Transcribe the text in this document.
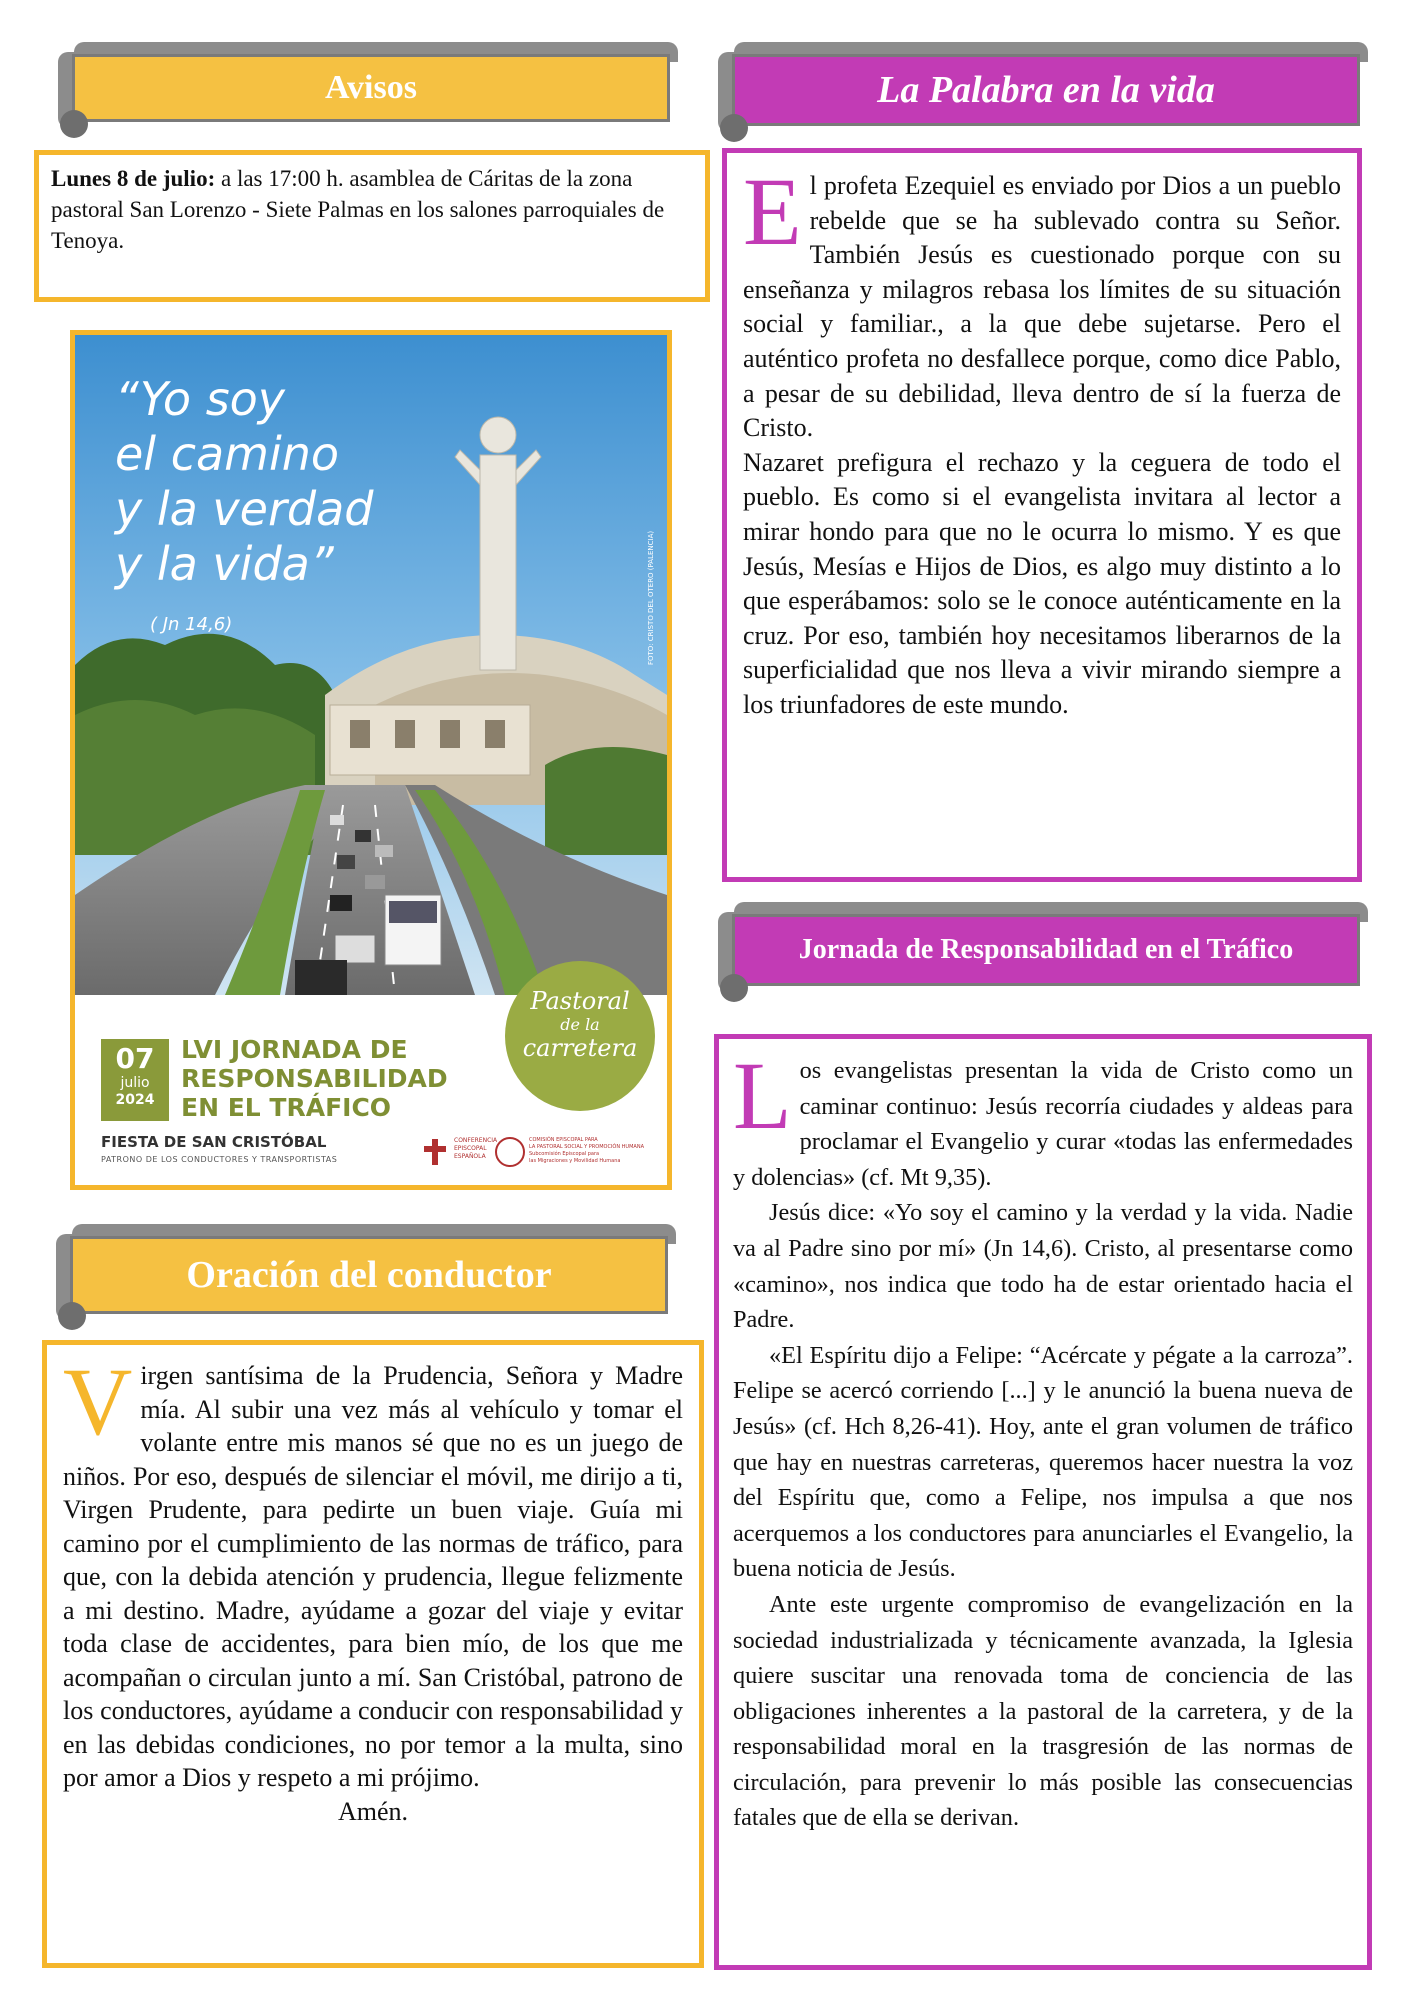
Avisos
Lunes 8 de julio: a las 17:00 h. asamblea de Cáritas de la zona pastoral San Lorenzo - Siete Palmas en los salones parroquiales de Tenoya.
“Yo soy
el camino
y la verdad
y la vida”
( Jn 14,6)	FOTO: CRISTO DEL OTERO (PALENCIA)
07
julio
2024
LVI JORNADA DE
RESPONSABILIDAD
EN EL TRÁFICO
Pastoral
de la
carretera
FIESTA DE SAN CRISTÓBAL
PATRONO DE LOS CONDUCTORES Y TRANSPORTISTAS
CONFERENCIA
EPISCOPAL
ESPAÑOLA
COMISIÓN EPISCOPAL PARA
LA PASTORAL SOCIAL Y PROMOCIÓN HUMANA
Subcomisión Episcopal para
las Migraciones y Movilidad Humana
Oración del conductor
Virgen santísima de la Prudencia, Señora y Madre mía. Al subir una vez más al vehículo y tomar el volante entre mis manos sé que no es un juego de niños. Por eso, después de silenciar el móvil, me dirijo a ti, Virgen Prudente, para pedirte un buen viaje. Guía mi camino por el cumplimiento de las normas de tráfico, para que, con la debida atención y prudencia, llegue felizmente a mi destino. Madre, ayúdame a gozar del viaje y evitar toda clase de accidentes, para bien mío, de los que me acompañan o circulan junto a mí. San Cristóbal, patrono de los conductores, ayúdame a conducir con responsabilidad y en las debidas condiciones, no por temor a la multa, sino por amor a Dios y respeto a mi prójimo.
Amén.
La Palabra en la vida
El profeta Ezequiel es enviado por Dios a un pueblo rebelde que se ha sublevado contra su Señor. También Jesús es cuestionado porque con su enseñanza y milagros rebasa los límites de su situación social y familiar., a la que debe sujetarse. Pero el auténtico profeta no desfallece porque, como dice Pablo, a pesar de su debilidad, lleva dentro de sí la fuerza de Cristo.
Nazaret prefigura el rechazo y la ceguera de todo el pueblo. Es como si el evangelista invitara al lector a mirar hondo para que no le ocurra lo mismo. Y es que Jesús, Mesías e Hijos de Dios, es algo muy distinto a lo que esperábamos: solo se le conoce auténticamente en la cruz. Por eso, también hoy necesitamos liberarnos de la superficialidad que nos lleva a vivir mirando siempre a los triunfadores de este mundo.
Jornada de Responsabilidad en el Tráfico
Los evangelistas presentan la vida de Cristo como un caminar continuo: Jesús recorría ciudades y aldeas para proclamar el Evangelio y curar «todas las enfermedades y dolencias» (cf. Mt 9,35).
Jesús dice: «Yo soy el camino y la verdad y la vida. Nadie va al Padre sino por mí» (Jn 14,6). Cristo, al presentarse como «camino», nos indica que todo ha de estar orientado hacia el Padre.
«El Espíritu dijo a Felipe: “Acércate y pégate a la carroza”. Felipe se acercó corriendo [...] y le anunció la buena nueva de Jesús» (cf. Hch 8,26-41). Hoy, ante el gran volumen de tráfico que hay en nuestras carreteras, queremos hacer nuestra la voz del Espíritu que, como a Felipe, nos impulsa a que nos acerquemos a los conductores para anunciarles el Evangelio, la buena noticia de Jesús.
Ante este urgente compromiso de evangelización en la sociedad industrializada y técnicamente avanzada, la Iglesia quiere suscitar una renovada toma de conciencia de las obligaciones inherentes a la pastoral de la carretera, y de la responsabilidad moral en la trasgresión de las normas de circulación, para prevenir lo más posible las consecuencias fatales que de ella se derivan.
